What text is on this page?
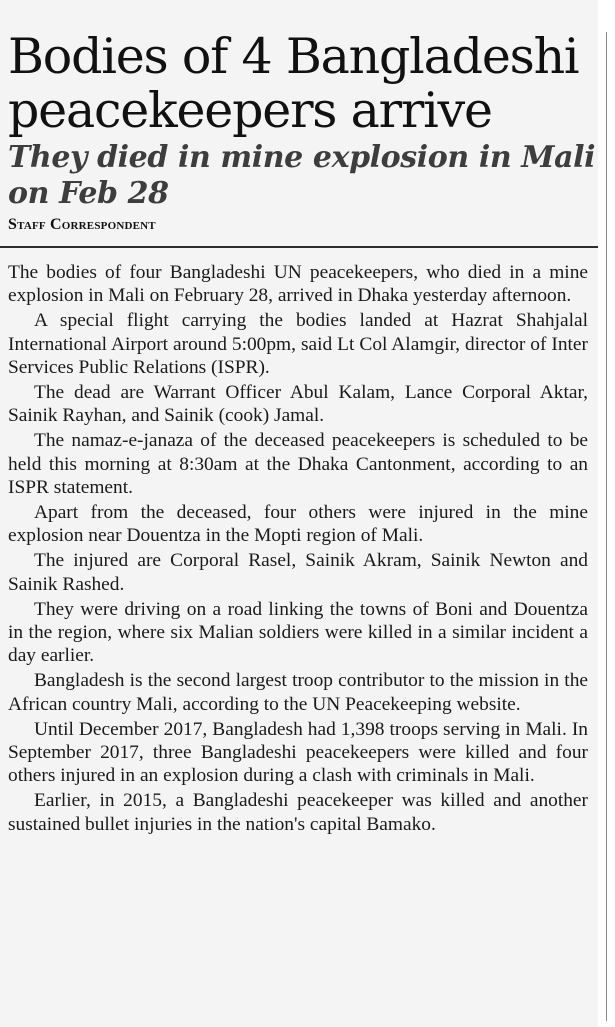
Bodies of 4 Bangladeshi peacekeepers arrive
They died in mine explosion in Mali on Feb 28
Staff Correspondent

The bodies of four Bangladeshi UN peacekeepers, who died in a mine explosion in Mali on February 28, arrived in Dhaka yesterday afternoon.

A special flight carrying the bodies landed at Hazrat Shahjalal International Airport around 5:00pm, said Lt Col Alamgir, director of Inter Services Public Relations (ISPR).

The dead are Warrant Officer Abul Kalam, Lance Corporal Aktar, Sainik Rayhan, and Sainik (cook) Jamal.

The namaz-e-janaza of the deceased peacekeepers is scheduled to be held this morning at 8:30am at the Dhaka Cantonment, according to an ISPR statement.

Apart from the deceased, four others were injured in the mine explosion near Douentza in the Mopti region of Mali.

The injured are Corporal Rasel, Sainik Akram, Sainik Newton and Sainik Rashed.

They were driving on a road linking the towns of Boni and Douentza in the region, where six Malian soldiers were killed in a similar incident a day earlier.

Bangladesh is the second largest troop contributor to the mission in the African country Mali, according to the UN Peacekeeping website.

Until December 2017, Bangladesh had 1,398 troops serving in Mali. In September 2017, three Bangladeshi peacekeepers were killed and four others injured in an explosion during a clash with criminals in Mali.

Earlier, in 2015, a Bangladeshi peacekeeper was killed and another sustained bullet injuries in the nation's capital Bamako.
